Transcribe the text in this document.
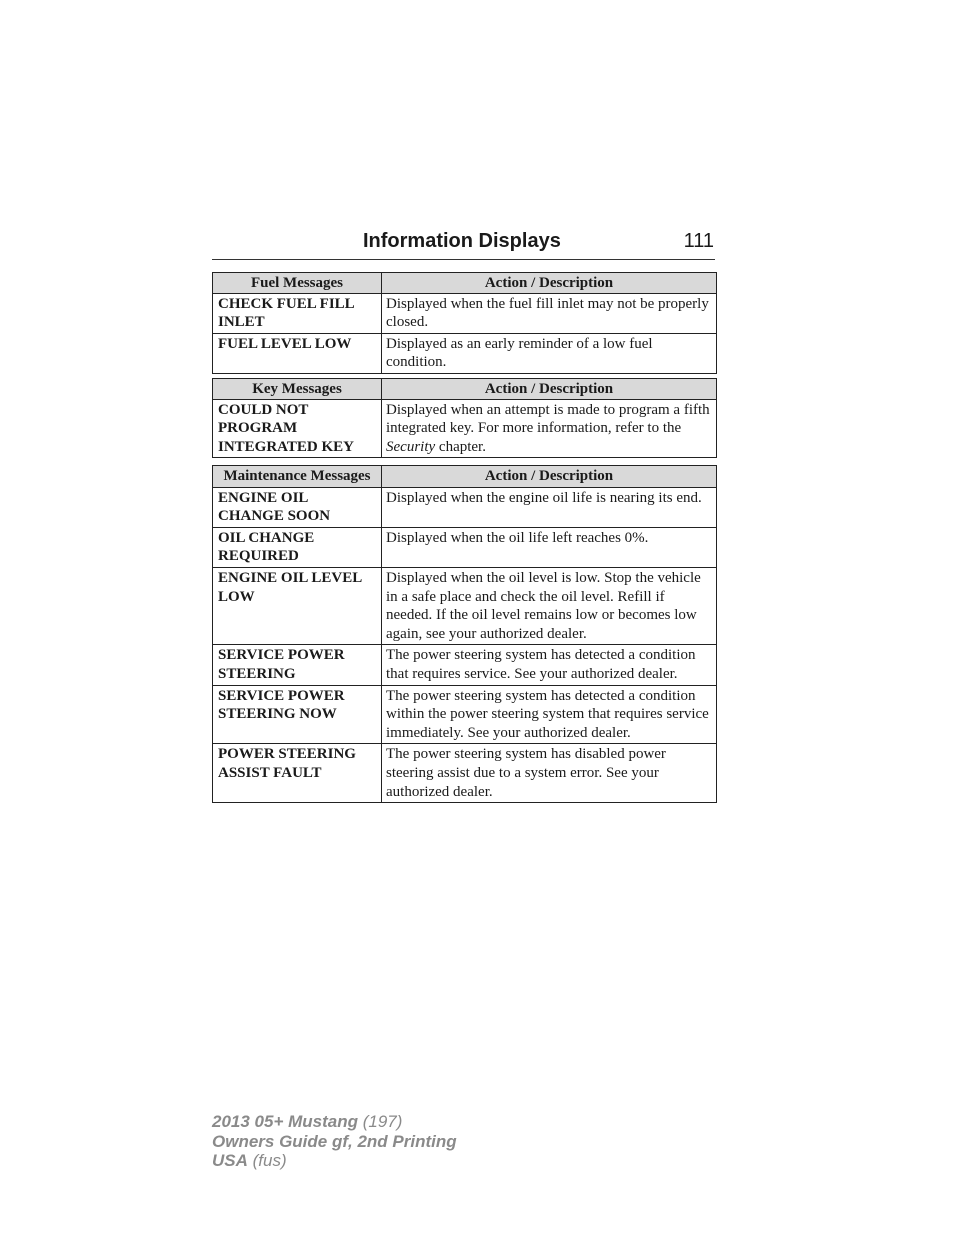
Information Displays	111
Fuel Messages	Action / Description
CHECK FUEL FILL INLET	Displayed when the fuel fill inlet may not be properly closed.
FUEL LEVEL LOW	Displayed as an early reminder of a low fuel condition.
Key Messages	Action / Description
COULD NOT PROGRAM INTEGRATED KEY	Displayed when an attempt is made to program a fifth integrated key. For more information, refer to the Security chapter.
Maintenance Messages	Action / Description
ENGINE OIL CHANGE SOON	Displayed when the engine oil life is nearing its end.
OIL CHANGE REQUIRED	Displayed when the oil life left reaches 0%.
ENGINE OIL LEVEL LOW	Displayed when the oil level is low. Stop the vehicle in a safe place and check the oil level. Refill if needed. If the oil level remains low or becomes low again, see your authorized dealer.
SERVICE POWER STEERING	The power steering system has detected a condition that requires service. See your authorized dealer.
SERVICE POWER STEERING NOW	The power steering system has detected a condition within the power steering system that requires service immediately. See your authorized dealer.
POWER STEERING ASSIST FAULT	The power steering system has disabled power steering assist due to a system error. See your authorized dealer.
2013 05+ Mustang (197)
Owners Guide gf, 2nd Printing
USA (fus)
